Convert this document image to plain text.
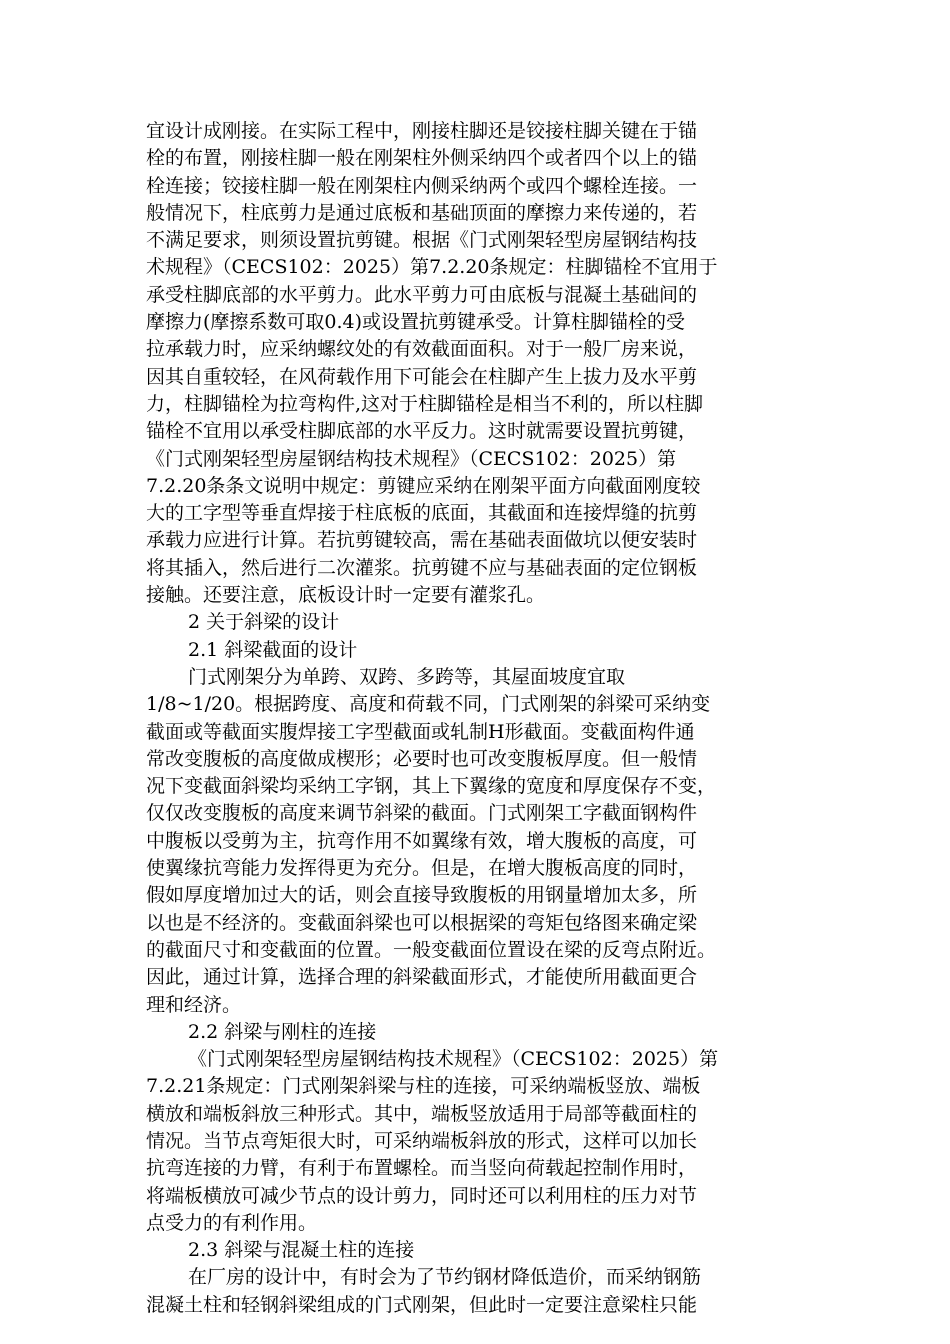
宜设计成刚接。在实际工程中，刚接柱脚还是铰接柱脚关键在于锚
栓的布置，刚接柱脚一般在刚架柱外侧采纳四个或者四个以上的锚
栓连接；铰接柱脚一般在刚架柱内侧采纳两个或四个螺栓连接。一
般情况下，柱底剪力是通过底板和基础顶面的摩擦力来传递的，若
不满足要求，则须设置抗剪键。根据《门式刚架轻型房屋钢结构技
术规程》（CECS102：2025）第7.2.20条规定：柱脚锚栓不宜用于
承受柱脚底部的水平剪力。此水平剪力可由底板与混凝土基础间的
摩擦力(摩擦系数可取0.4)或设置抗剪键承受。计算柱脚锚栓的受
拉承载力时，应采纳螺纹处的有效截面面积。对于一般厂房来说，
因其自重较轻，在风荷载作用下可能会在柱脚产生上拔力及水平剪
力，柱脚锚栓为拉弯构件,这对于柱脚锚栓是相当不利的，所以柱脚
锚栓不宜用以承受柱脚底部的水平反力。这时就需要设置抗剪键，
《门式刚架轻型房屋钢结构技术规程》（CECS102：2025）第
7.2.20条条文说明中规定：剪键应采纳在刚架平面方向截面刚度较
大的工字型等垂直焊接于柱底板的底面，其截面和连接焊缝的抗剪
承载力应进行计算。若抗剪键较高，需在基础表面做坑以便安装时
将其插入，然后进行二次灌浆。抗剪键不应与基础表面的定位钢板
接触。还要注意，底板设计时一定要有灌浆孔。
2 关于斜梁的设计
2.1 斜梁截面的设计
门式刚架分为单跨、双跨、多跨等，其屋面坡度宜取
1/8~1/20。根据跨度、高度和荷载不同，门式刚架的斜梁可采纳变
截面或等截面实腹焊接工字型截面或轧制H形截面。变截面构件通
常改变腹板的高度做成楔形；必要时也可改变腹板厚度。但一般情
况下变截面斜梁均采纳工字钢，其上下翼缘的宽度和厚度保存不变，
仅仅改变腹板的高度来调节斜梁的截面。门式刚架工字截面钢构件
中腹板以受剪为主，抗弯作用不如翼缘有效，增大腹板的高度，可
使翼缘抗弯能力发挥得更为充分。但是，在增大腹板高度的同时，
假如厚度增加过大的话，则会直接导致腹板的用钢量增加太多，所
以也是不经济的。变截面斜梁也可以根据梁的弯矩包络图来确定梁
的截面尺寸和变截面的位置。一般变截面位置设在梁的反弯点附近。
因此，通过计算，选择合理的斜梁截面形式，才能使所用截面更合
理和经济。
2.2 斜梁与刚柱的连接
《门式刚架轻型房屋钢结构技术规程》（CECS102：2025）第
7.2.21条规定：门式刚架斜梁与柱的连接，可采纳端板竖放、端板
横放和端板斜放三种形式。其中，端板竖放适用于局部等截面柱的
情况。当节点弯矩很大时，可采纳端板斜放的形式，这样可以加长
抗弯连接的力臂，有利于布置螺栓。而当竖向荷载起控制作用时，
将端板横放可减少节点的设计剪力，同时还可以利用柱的压力对节
点受力的有利作用。
2.3 斜梁与混凝土柱的连接
在厂房的设计中，有时会为了节约钢材降低造价，而采纳钢筋
混凝土柱和轻钢斜梁组成的门式刚架，但此时一定要注意梁柱只能
